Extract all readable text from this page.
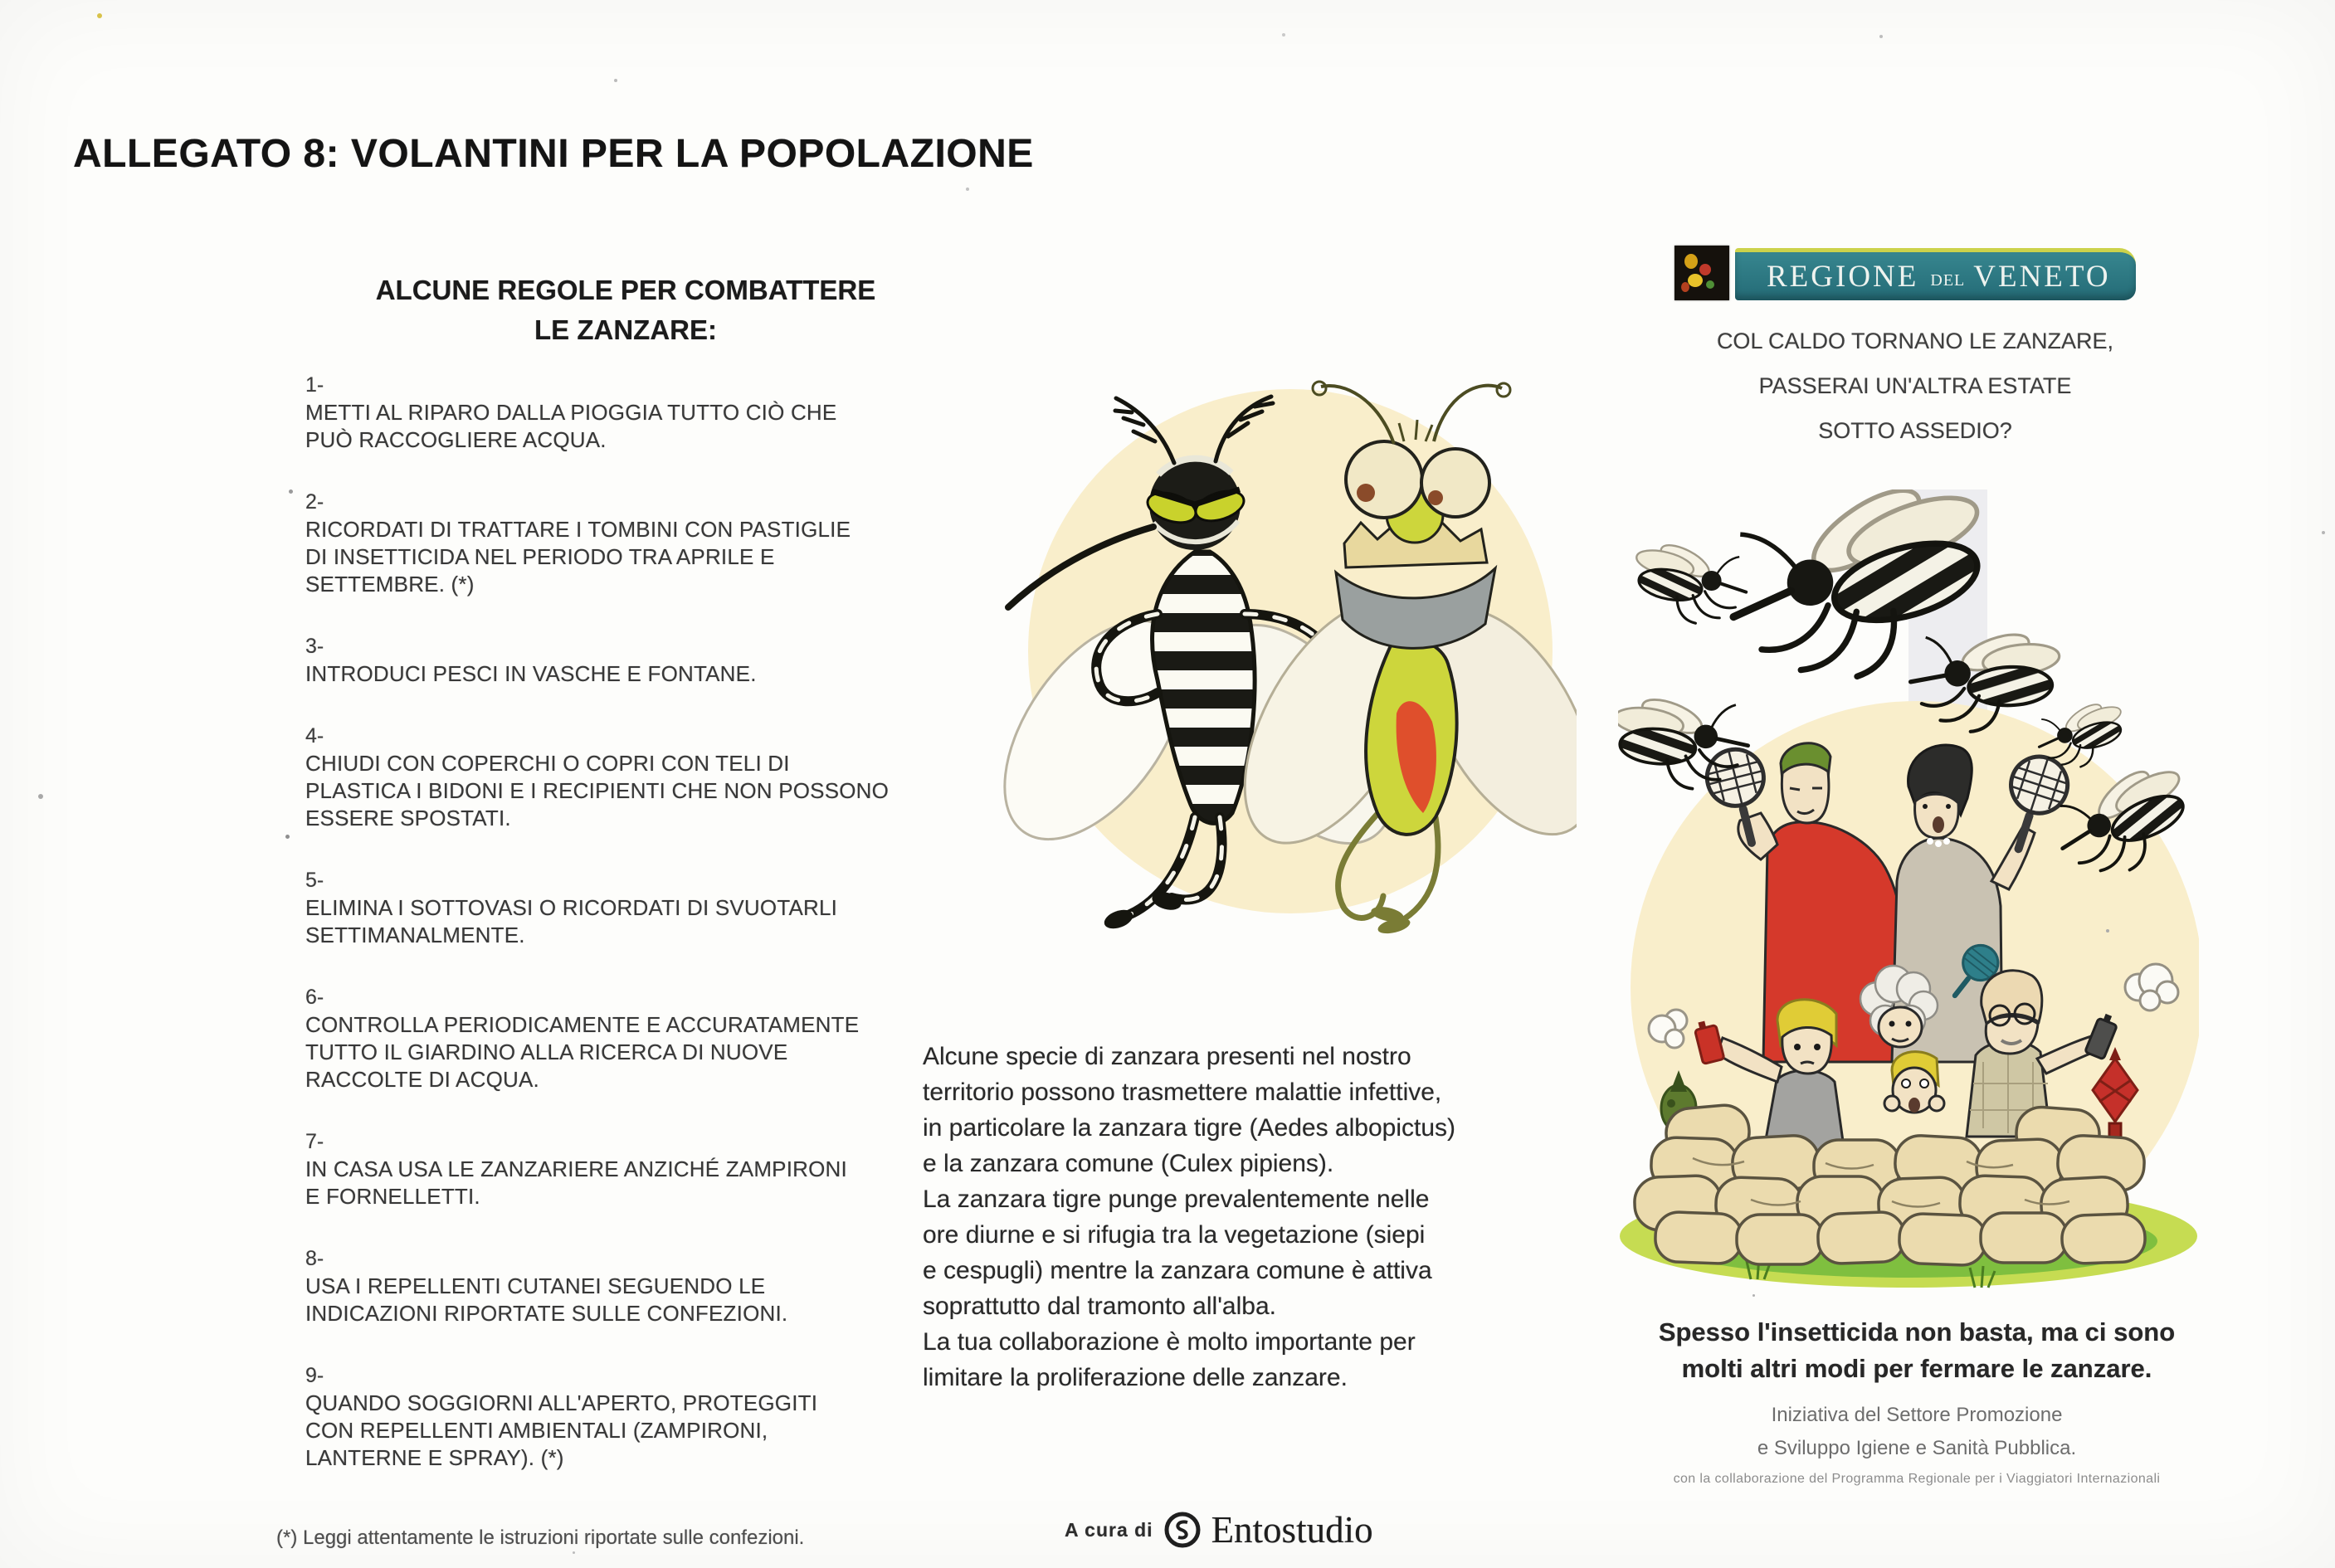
ALLEGATO 8: VOLANTINI PER LA POPOLAZIONE
ALCUNE REGOLE PER COMBATTERE
LE ZANZARE:
1-
METTI AL RIPARO DALLA PIOGGIA TUTTO CIÒ CHE
PUÒ RACCOGLIERE ACQUA.
2-
RICORDATI DI TRATTARE I TOMBINI CON PASTIGLIE
DI INSETTICIDA NEL PERIODO TRA APRILE E
SETTEMBRE. (*)
3-
INTRODUCI PESCI IN VASCHE E FONTANE.
4-
CHIUDI CON COPERCHI O COPRI CON TELI DI
PLASTICA I BIDONI E I RECIPIENTI CHE NON POSSONO
ESSERE SPOSTATI.
5-
ELIMINA I SOTTOVASI O RICORDATI DI SVUOTARLI
SETTIMANALMENTE.
6-
CONTROLLA PERIODICAMENTE E ACCURATAMENTE
TUTTO IL GIARDINO ALLA RICERCA DI NUOVE
RACCOLTE DI ACQUA.
7-
IN CASA USA LE ZANZARIERE ANZICHÉ ZAMPIRONI
E FORNELLETTI.
8-
USA I REPELLENTI CUTANEI SEGUENDO LE
INDICAZIONI RIPORTATE SULLE CONFEZIONI.
9-
QUANDO SOGGIORNI ALL'APERTO, PROTEGGITI
CON REPELLENTI AMBIENTALI (ZAMPIRONI,
LANTERNE E SPRAY). (*)
(*) Leggi attentamente le istruzioni riportate sulle confezioni.
Alcune specie di zanzara presenti nel nostro
territorio possono trasmettere malattie infettive,
in particolare la zanzara tigre (Aedes albopictus)
e la zanzara comune (Culex pipiens).
La zanzara tigre punge prevalentemente nelle
ore diurne e si rifugia tra la vegetazione (siepi
e cespugli) mentre la zanzara comune è attiva
soprattutto dal tramonto all'alba.
La tua collaborazione è molto importante per
limitare la proliferazione delle zanzare.
A cura di Entostudio
REGIONE DEL VENETO
COL CALDO TORNANO LE ZANZARE,
PASSERAI UN'ALTRA ESTATE
SOTTO ASSEDIO?
Spesso l'insetticida non basta, ma ci sono
molti altri modi per fermare le zanzare.
Iniziativa del Settore Promozione
e Sviluppo Igiene e Sanità Pubblica.
con la collaborazione del Programma Regionale per i Viaggiatori Internazionali
